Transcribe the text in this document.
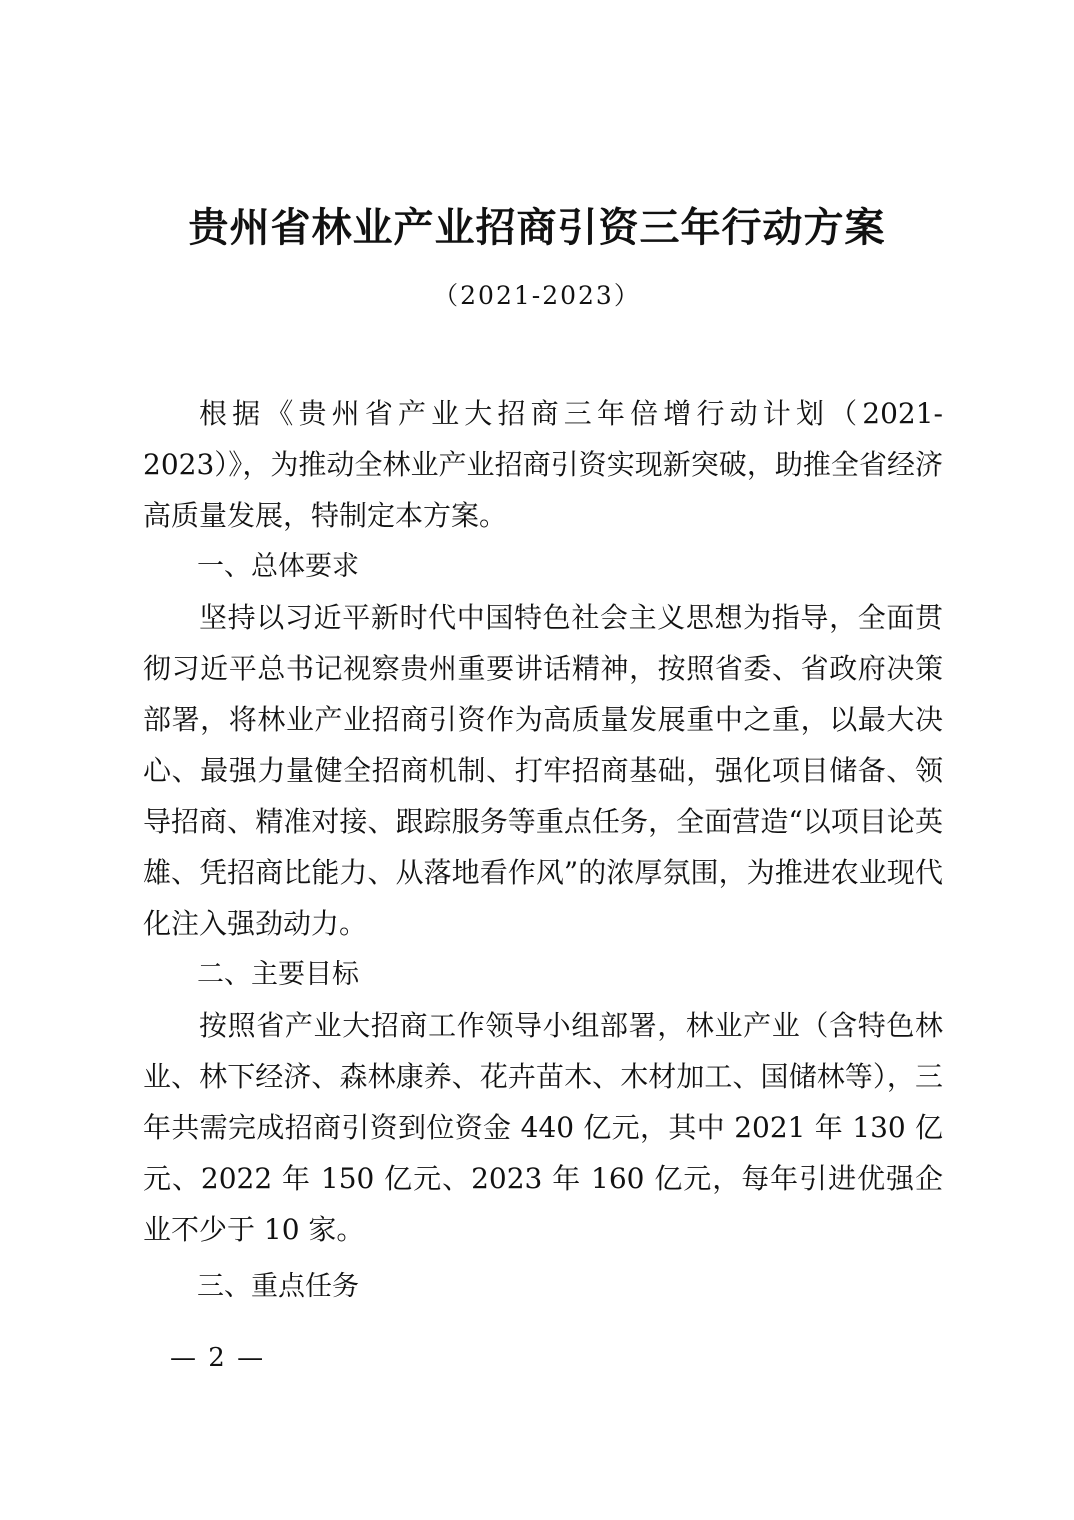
贵州省林业产业招商引资三年行动方案
（2021-2023）

根据《贵州省产业大招商三年倍增行动计划（2021-2023）》，为推动全林业产业招商引资实现新突破，助推全省经济高质量发展，特制定本方案。

一、总体要求

坚持以习近平新时代中国特色社会主义思想为指导，全面贯彻习近平总书记视察贵州重要讲话精神，按照省委、省政府决策部署，将林业产业招商引资作为高质量发展重中之重，以最大决心、最强力量健全招商机制、打牢招商基础，强化项目储备、领导招商、精准对接、跟踪服务等重点任务，全面营造“以项目论英雄、凭招商比能力、从落地看作风”的浓厚氛围，为推进农业现代化注入强劲动力。

二、主要目标

按照省产业大招商工作领导小组部署，林业产业（含特色林业、林下经济、森林康养、花卉苗木、木材加工、国储林等），三年共需完成招商引资到位资金 440 亿元，其中 2021 年 130 亿元、2022 年 150 亿元、2023 年 160 亿元，每年引进优强企业不少于 10 家。

三、重点任务

— 2 —
